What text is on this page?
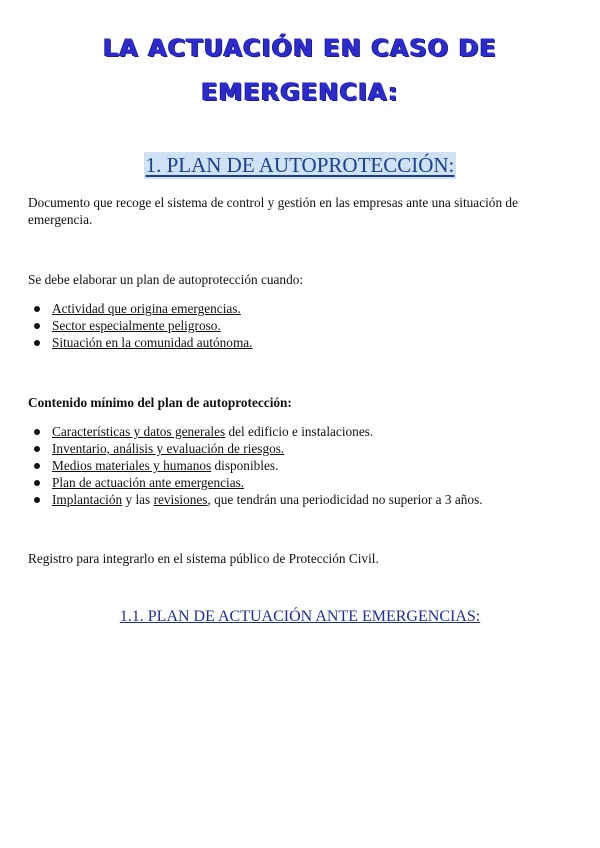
LA ACTUACIÓN EN CASO DE
EMERGENCIA:
1. PLAN DE AUTOPROTECCIÓN:
Documento que recoge el sistema de control y gestión en las empresas ante una situación de emergencia.
Se debe elaborar un plan de autoprotección cuando:
Actividad que origina emergencias.
Sector especialmente peligroso.
Situación en la comunidad autónoma.
Contenido mínimo del plan de autoprotección:
Características y datos generales del edificio e instalaciones.
Inventario, análisis y evaluación de riesgos.
Medios materiales y humanos disponibles.
Plan de actuación ante emergencias.
Implantación y las revisiones, que tendrán una periodicidad no superior a 3 años.
Registro para integrarlo en el sistema público de Protección Civil.
1.1. PLAN DE ACTUACIÓN ANTE EMERGENCIAS:
